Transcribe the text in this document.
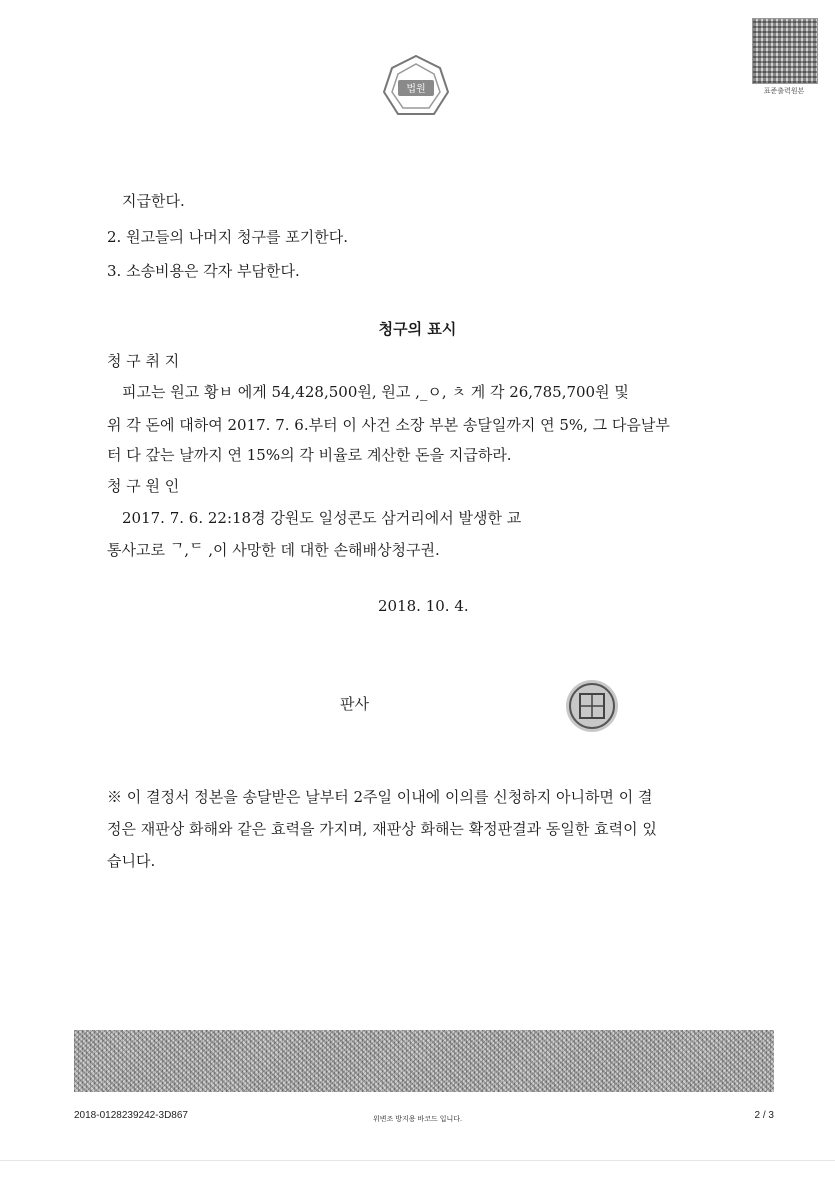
법원	표준출력원본
지급한다.
2. 원고들의 나머지 청구를 포기한다.
3. 소송비용은 각자 부담한다.
청구의 표시
청 구 취 지
피고는 원고 황ㅂ 에게 54,428,500원, 원고 ,_ㅇ, ㅊ 게 각 26,785,700원 및
위 각 돈에 대하여 2017. 7. 6.부터 이 사건 소장 부본 송달일까지 연 5%, 그 다음날부
터 다 갚는 날까지 연 15%의 각 비율로 계산한 돈을 지급하라.
청 구 원 인
2017. 7. 6. 22:18경 강원도 일성콘도 삼거리에서 발생한 교
통사고로 ᄀ,ᄃ ,이 사망한 데 대한 손해배상청구권.
2018. 10. 4.
판사
※ 이 결정서 정본을 송달받은 날부터 2주일 이내에 이의를 신청하지 아니하면 이 결
정은 재판상 화해와 같은 효력을 가지며, 재판상 화해는 확정판결과 동일한 효력이 있
습니다.
2018-0128239242-3D867	위변조 방지용 바코드 입니다.	2 / 3
